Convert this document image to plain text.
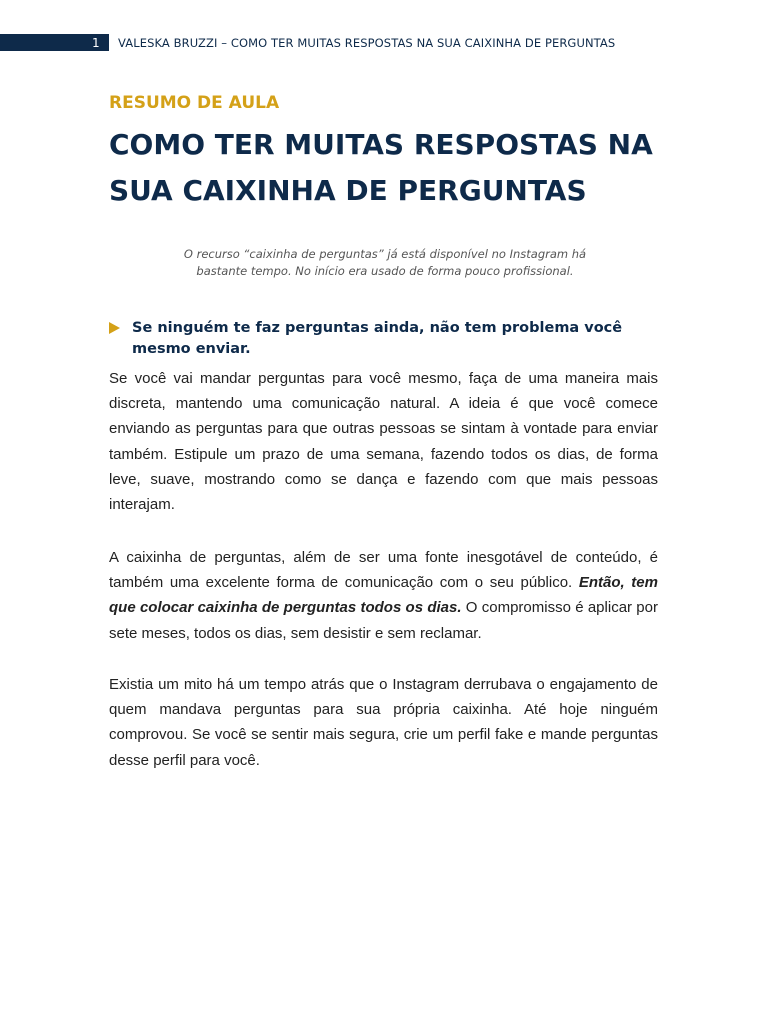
1 VALESKA BRUZZI – COMO TER MUITAS RESPOSTAS NA SUA CAIXINHA DE PERGUNTAS
RESUMO DE AULA
COMO TER MUITAS RESPOSTAS NA SUA CAIXINHA DE PERGUNTAS

O recurso “caixinha de perguntas” já está disponível no Instagram há bastante tempo. No início era usado de forma pouco profissional.

Se ninguém te faz perguntas ainda, não tem problema você mesmo enviar.

Se você vai mandar perguntas para você mesmo, faça de uma maneira mais discreta, mantendo uma comunicação natural. A ideia é que você comece enviando as perguntas para que outras pessoas se sintam à vontade para enviar também. Estipule um prazo de uma semana, fazendo todos os dias, de forma leve, suave, mostrando como se dança e fazendo com que mais pessoas interajam.

A caixinha de perguntas, além de ser uma fonte inesgotável de conteúdo, é também uma excelente forma de comunicação com o seu público. Então, tem que colocar caixinha de perguntas todos os dias. O compromisso é aplicar por sete meses, todos os dias, sem desistir e sem reclamar.

Existia um mito há um tempo atrás que o Instagram derrubava o engajamento de quem mandava perguntas para sua própria caixinha. Até hoje ninguém comprovou. Se você se sentir mais segura, crie um perfil fake e mande perguntas desse perfil para você.
